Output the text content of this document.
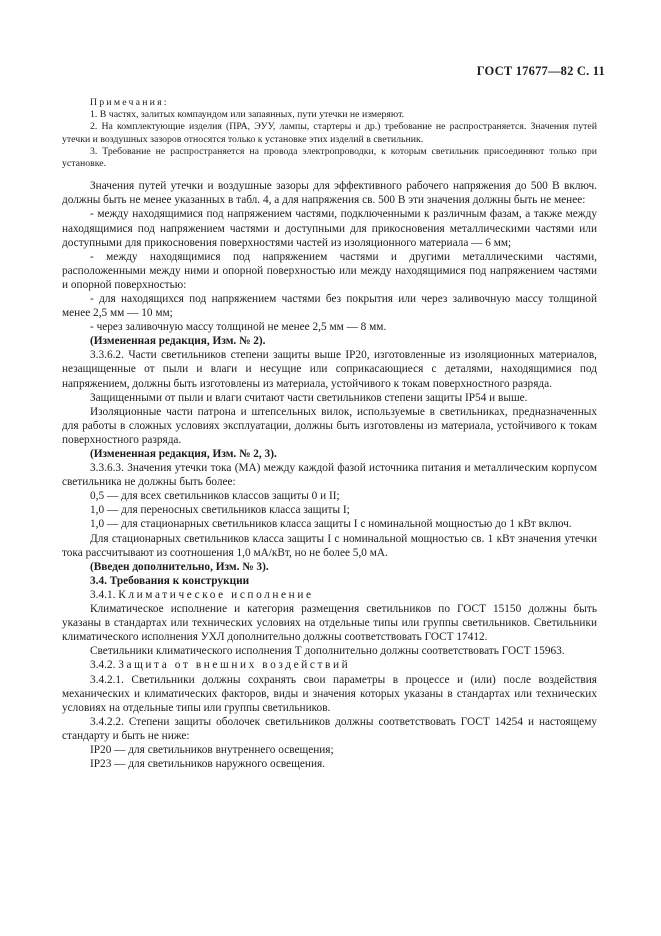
ГОСТ 17677—82 С. 11

Примечания:

1. В частях, залитых компаундом или запаянных, пути утечки не измеряют.

2. На комплектующие изделия (ПРА, ЭУУ, лампы, стартеры и др.) требование не распространяется. Значения путей утечки и воздушных зазоров относятся только к установке этих изделий в светильник.

3. Требование не распространяется на провода электропроводки, к которым светильник присоединяют только при установке.

Значения путей утечки и воздушные зазоры для эффективного рабочего напряжения до 500 В включ. должны быть не менее указанных в табл. 4, а для напряжения св. 500 В эти значения должны быть не менее:

- между находящимися под напряжением частями, подключенными к различным фазам, а также между находящимися под напряжением частями и доступными для прикосновения металлическими частями или доступными для прикосновения поверхностями частей из изоляционного материала — 6 мм;

- между находящимися под напряжением частями и другими металлическими частями, расположенными между ними и опорной поверхностью или между находящимися под напряжением частями и опорной поверхностью:

- для находящихся под напряжением частями без покрытия или через заливочную массу толщиной менее 2,5 мм — 10 мм;

- через заливочную массу толщиной не менее 2,5 мм — 8 мм.

(Измененная редакция, Изм. № 2).

3.3.6.2. Части светильников степени защиты выше IP20, изготовленные из изоляционных материалов, незащищенные от пыли и влаги и несущие или соприкасающиеся с деталями, находящимися под напряжением, должны быть изготовлены из материала, устойчивого к токам поверхностного разряда.

Защищенными от пыли и влаги считают части светильников степени защиты IP54 и выше.

Изоляционные части патрона и штепсельных вилок, используемые в светильниках, предназначенных для работы в сложных условиях эксплуатации, должны быть изготовлены из материала, устойчивого к токам поверхностного разряда.

(Измененная редакция, Изм. № 2, 3).

3.3.6.3. Значения утечки тока (МА) между каждой фазой источника питания и металлическим корпусом светильника не должны быть более:

0,5 — для всех светильников классов защиты 0 и II;

1,0 — для переносных светильников класса защиты I;

1,0 — для стационарных светильников класса защиты I с номинальной мощностью до 1 кВт включ.

Для стационарных светильников класса защиты I с номинальной мощностью св. 1 кВт значения утечки тока рассчитывают из соотношения 1,0 мА/кВт, но не более 5,0 мА.

(Введен дополнительно, Изм. № 3).

3.4. Требования к конструкции

3.4.1. Климатическое исполнение

Климатическое исполнение и категория размещения светильников по ГОСТ 15150 должны быть указаны в стандартах или технических условиях на отдельные типы или группы светильников. Светильники климатического исполнения УХЛ дополнительно должны соответствовать ГОСТ 17412.

Светильники климатического исполнения Т дополнительно должны соответствовать ГОСТ 15963.

3.4.2. Защита от внешних воздействий

3.4.2.1. Светильники должны сохранять свои параметры в процессе и (или) после воздействия механических и климатических факторов, виды и значения которых указаны в стандартах или технических условиях на отдельные типы или группы светильников.

3.4.2.2. Степени защиты оболочек светильников должны соответствовать ГОСТ 14254 и настоящему стандарту и быть не ниже:

IP20 — для светильников внутреннего освещения;

IP23 — для светильников наружного освещения.
